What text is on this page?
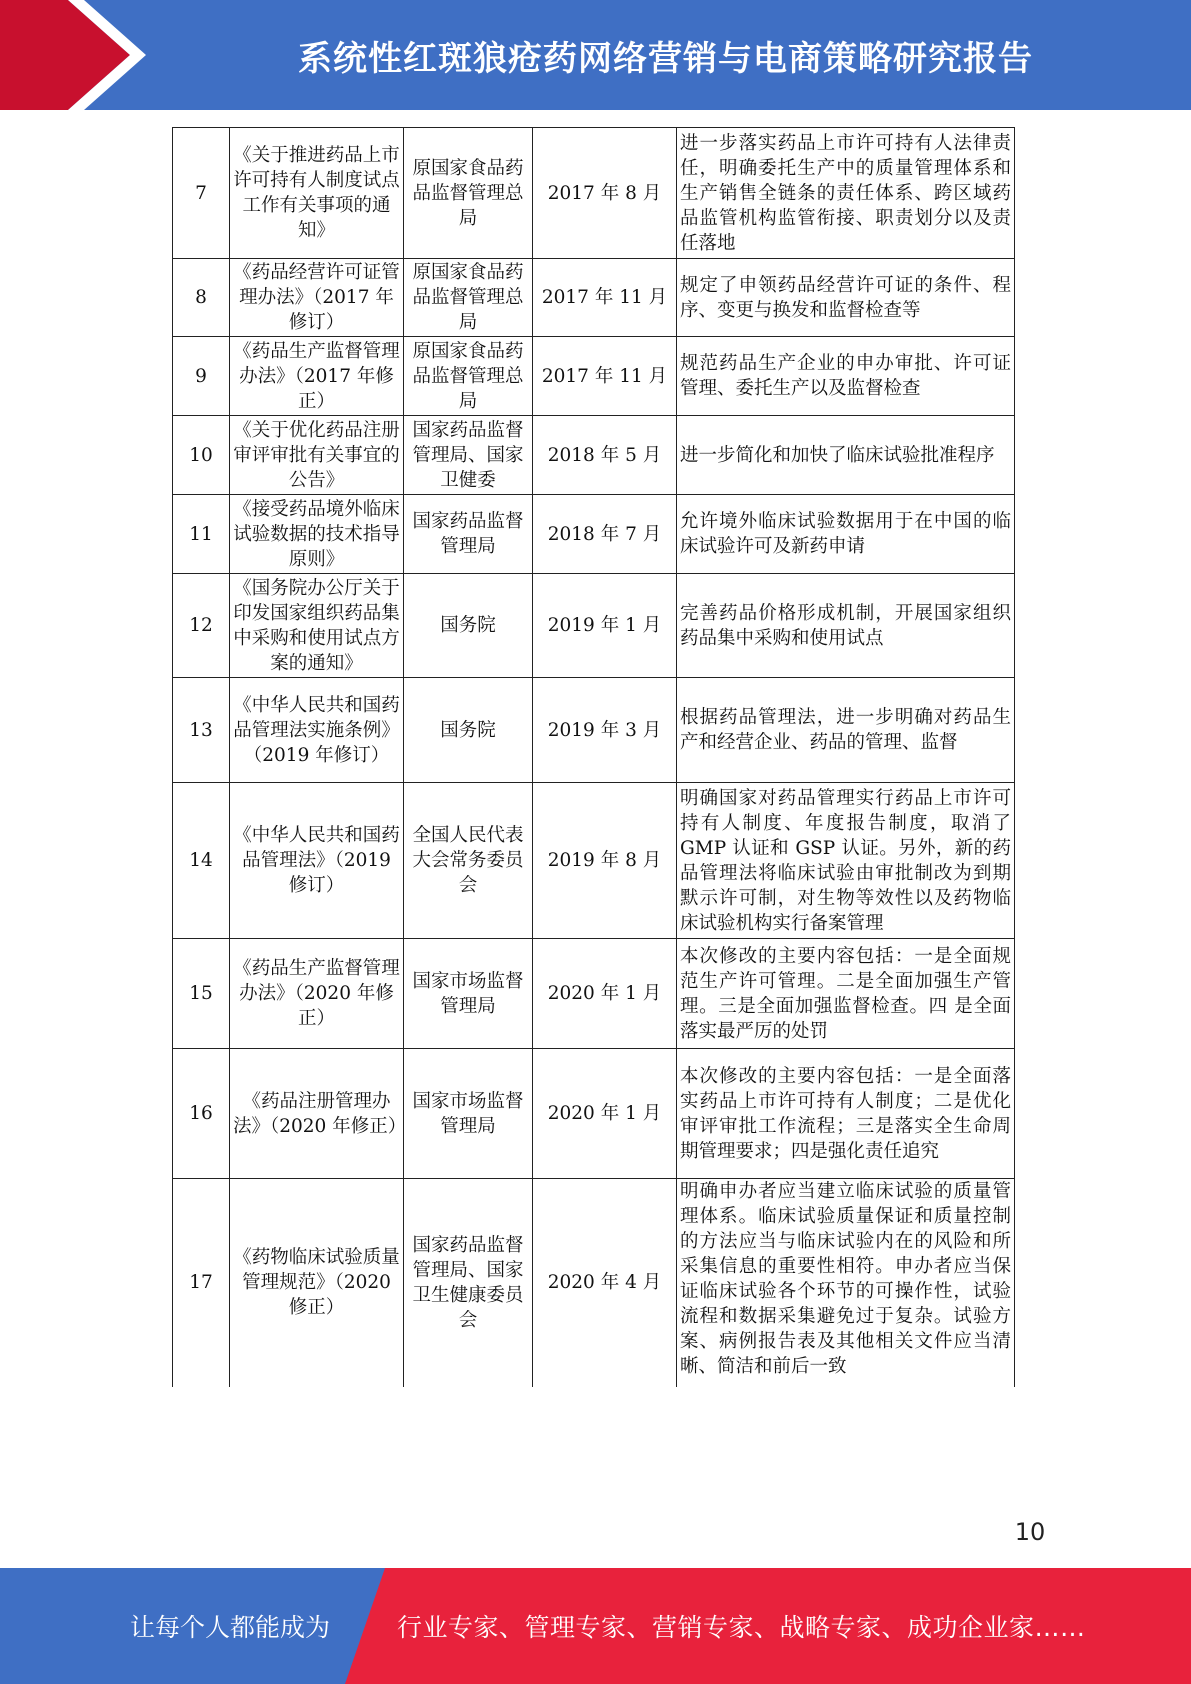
系统性红斑狼疮药网络营销与电商策略研究报告
7	《关于推进药品上市许可持有人制度试点工作有关事项的通知》	原国家食品药品监督管理总局	2017 年 8 月	进一步落实药品上市许可持有人法律责任，明确委托生产中的质量管理体系和生产销售全链条的责任体系、跨区域药品监管机构监管衔接、职责划分以及责任落地
8	《药品经营许可证管理办法》（2017 年修订）	原国家食品药品监督管理总局	2017 年 11 月	规定了申领药品经营许可证的条件、程序、变更与换发和监督检查等
9	《药品生产监督管理办法》（2017 年修正）	原国家食品药品监督管理总局	2017 年 11 月	规范药品生产企业的申办审批、许可证管理、委托生产以及监督检查
10	《关于优化药品注册审评审批有关事宜的公告》	国家药品监督管理局、国家卫健委	2018 年 5 月	进一步简化和加快了临床试验批准程序
11	《接受药品境外临床试验数据的技术指导原则》	国家药品监督管理局	2018 年 7 月	允许境外临床试验数据用于在中国的临床试验许可及新药申请
12	《国务院办公厅关于印发国家组织药品集中采购和使用试点方案的通知》	国务院	2019 年 1 月	完善药品价格形成机制，开展国家组织药品集中采购和使用试点
13	《中华人民共和国药品管理法实施条例》（2019 年修订）	国务院	2019 年 3 月	根据药品管理法，进一步明确对药品生产和经营企业、药品的管理、监督
14	《中华人民共和国药品管理法》（2019 修订）	全国人民代表大会常务委员会	2019 年 8 月	明确国家对药品管理实行药品上市许可持有人制度、年度报告制度，取消了 GMP 认证和 GSP 认证。另外，新的药品管理法将临床试验由审批制改为到期默示许可制，对生物等效性以及药物临床试验机构实行备案管理
15	《药品生产监督管理办法》（2020 年修正）	国家市场监督管理局	2020 年 1 月	本次修改的主要内容包括：一是全面规范生产许可管理。二是全面加强生产管理。三是全面加强监督检查。四 是全面落实最严厉的处罚
16	《药品注册管理办法》（2020 年修正）	国家市场监督管理局	2020 年 1 月	本次修改的主要内容包括：一是全面落实药品上市许可持有人制度；二是优化审评审批工作流程；三是落实全生命周期管理要求；四是强化责任追究
17	《药物临床试验质量管理规范》（2020 修正）	国家药品监督管理局、国家卫生健康委员会	2020 年 4 月	明确申办者应当建立临床试验的质量管理体系。临床试验质量保证和质量控制的方法应当与临床试验内在的风险和所采集信息的重要性相符。申办者应当保证临床试验各个环节的可操作性，试验流程和数据采集避免过于复杂。试验方案、病例报告表及其他相关文件应当清晰、简洁和前后一致
10
让每个人都能成为	行业专家、管理专家、营销专家、战略专家、成功企业家……
